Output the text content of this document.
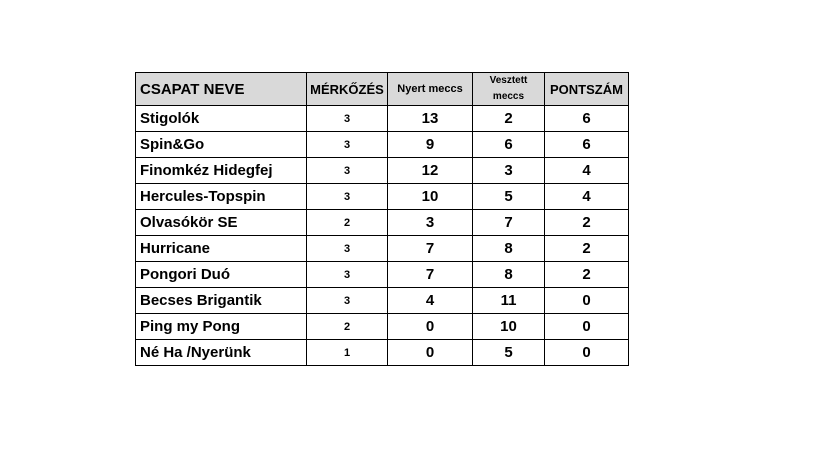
CSAPAT NEVE	MÉRKŐZÉS	Nyert meccs	Vesztett meccs	PONTSZÁM
Stigolók	3	13	2	6
Spin&Go	3	9	6	6
Finomkéz Hidegfej	3	12	3	4
Hercules-Topspin	3	10	5	4
Olvasókör SE	2	3	7	2
Hurricane	3	7	8	2
Pongori Duó	3	7	8	2
Becses Brigantik	3	4	11	0
Ping my Pong	2	0	10	0
Né Ha /Nyerünk	1	0	5	0
